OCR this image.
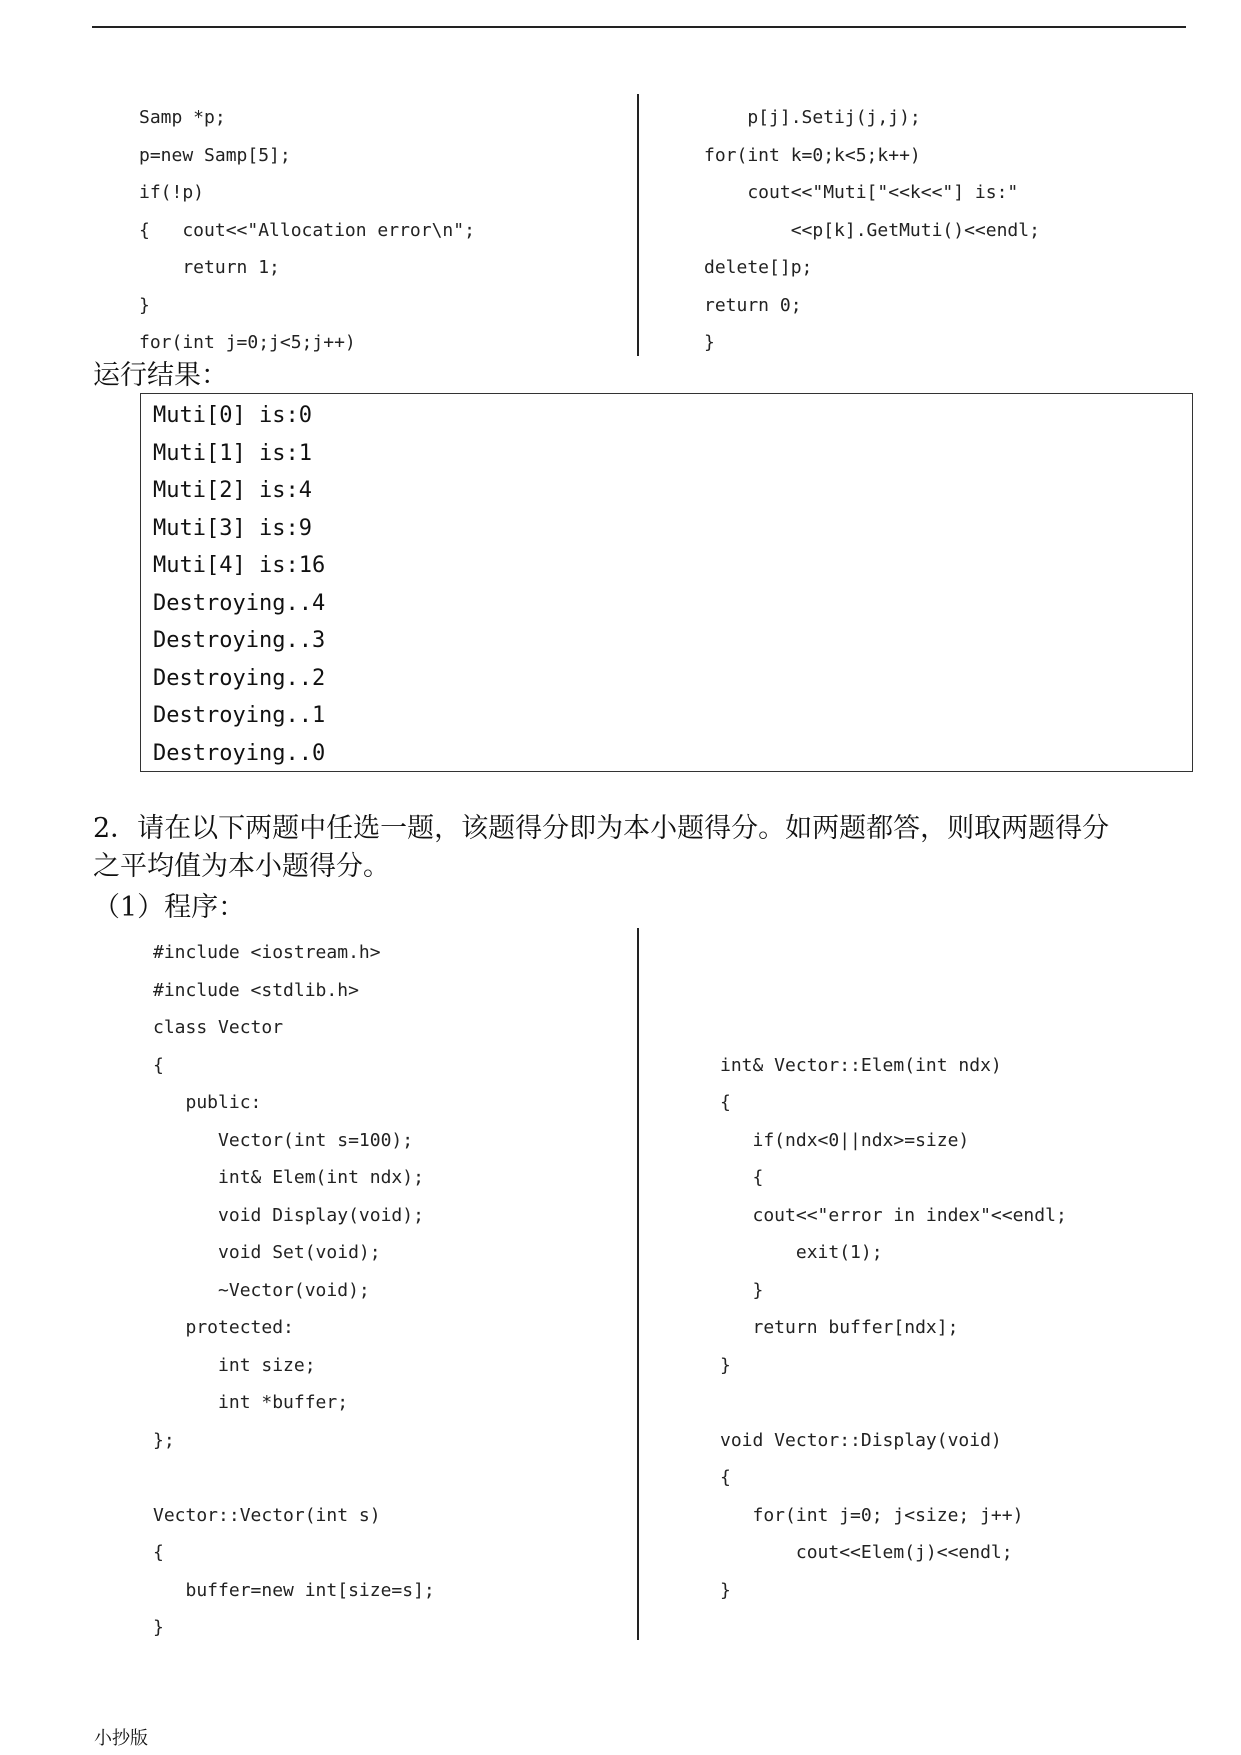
Samp *p;
p=new Samp[5];
if(!p)
{   cout<<"Allocation error\n";
return 1;
}
for(int j=0;j<5;j++)
p[j].Setij(j,j);
for(int k=0;k<5;k++)
cout<<"Muti["<<k<<"] is:"
<<p[k].GetMuti()<<endl;
delete[]p;
return 0;
}
运行结果：
Muti[0] is:0
Muti[1] is:1
Muti[2] is:4
Muti[3] is:9
Muti[4] is:16
Destroying..4
Destroying..3
Destroying..2
Destroying..1
Destroying..0
2．请在以下两题中任选一题，该题得分即为本小题得分。如两题都答，则取两题得分
之平均值为本小题得分。
（1）程序：
#include <iostream.h>
#include <stdlib.h>
class Vector
{
public:
Vector(int s=100);
int& Elem(int ndx);
void Display(void);
void Set(void);
~Vector(void);
protected:
int size;
int *buffer;
};
Vector::Vector(int s)
{
buffer=new int[size=s];
}
int& Vector::Elem(int ndx)
{
if(ndx<0||ndx>=size)
{
cout<<"error in index"<<endl;
exit(1);
}
return buffer[ndx];
}
void Vector::Display(void)
{
for(int j=0; j<size; j++)
cout<<Elem(j)<<endl;
}
小抄版
